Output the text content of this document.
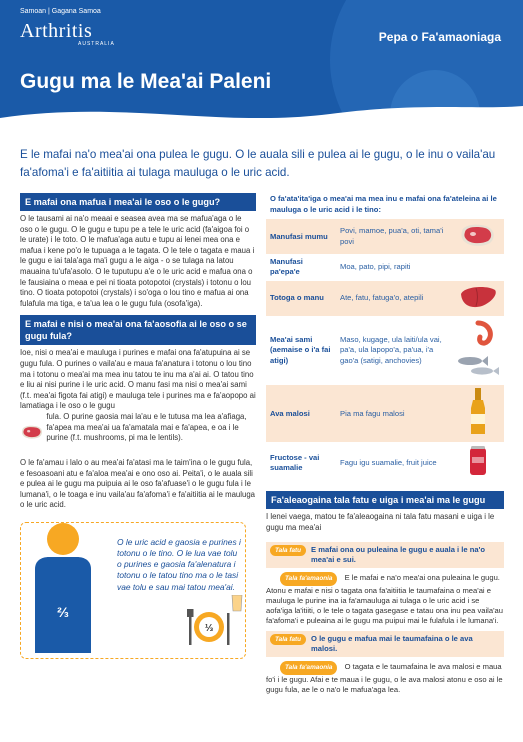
Samoan | Gagana Samoa
Arthritis
AUSTRALIA	Pepa o Fa'amaoniaga
Gugu ma le Mea'ai Paleni
E le mafai na'o mea'ai ona pulea le gugu. O le auala sili e pulea ai le gugu, o le inu o vaila'au fa'afoma'i e fa'aitiitia ai tulaga mauluga o le uric acid.
E mafai ona mafua i mea'ai le oso o le gugu?
O le tausami ai na'o meaai e seasea avea ma se mafua'aga o le oso o le gugu. O le gugu e tupu pe a tele le uric acid (fa'aigoa foi o le urate) i le toto. O le mafua'aga autu e tupu ai lenei mea ona e mafua i kene po'o le tupuaga a le tagata. O le tele o tagata e maua i le gugu e iai tala'aga ma'i gugu a le aiga - o se tulaga na latou mauaina tu'ufa'asolo. O le tuputupu a'e o le uric acid e mafua ona o le fausiaina o meaa e pei ni tioata potopotoi (crystals) i totonu o lou tino. O tioata potopotoi (crystals) i so'oga o lou tino e mafua ai ona fulafula ma tiga, e ta'ua lea o le gugu fula (osofa'iga).
E mafai e nisi o mea'ai ona fa'aosofia ai le oso o se gugu fula?
Ioe, nisi o mea'ai e mauluga i purines e mafai ona fa'atupuina ai se gugu fula. O purines o vaila'au e maua fa'anatura i totonu o lou tino ma i totonu o mea'ai ma mea inu tatou te inu ma a'ai ai. O tatou tino e liu ai nisi purine i le uric acid. O manu fasi ma nisi o mea'ai sami (f.t. mea'ai figota fai atigi) e mauluga tele i purines ma e fa'aopopo ai lamatiaga i le oso o le gugu
fula. O purine gaosia mai la'au e le tutusa ma lea a'afiaga, fa'apea ma mea'ai ua fa'amatala mai e fa'apea, e oa i le purine (f.t. mushrooms, pi ma le lentils).
O le fa'amau i lalo o au mea'ai fa'atasi ma le taim'ina o le gugu fula, e fesoasoani atu e fa'aloa mea'ai e ono oso ai. Peita'i, o le auala sili e pulea ai le gugu ma puipuia ai le oso fa'afuase'i o le gugu fula i le lumana'i, o le toaga e inu vaila'au fa'afoma'i e fa'aitiitia ai le mauluga o le uric acid.
⅔
⅓
O le uric acid e gaosia e purines i totonu o le tino. O le lua vae tolu o purines e gaosia fa'alenatura i totonu o le tatou tino ma o le tasi vae tolu e sau mai tatou mea'ai.
O fa'ata'ita'iga o mea'ai ma mea inu e mafai ona fa'ateleina ai le mauluga o le uric acid i le tino:
Manufasi mumu	Povi, mamoe, pua'a, oti, tama'i povi	
Manufasi pa'epa'e	Moa, pato, pipi, rapiti	
Totoga o manu	Ate, fatu, fatuga'o, atepili	
Mea'ai sami (aemaise o i'a fai atigi)	Maso, kugage, ula laiti/ula vai, pa'a, ula lapopo'a, pa'ua, i'a gao'a (satigi, anchovies)	
Ava malosi	Pia ma fagu malosi	
Fructose - vai suamalie	Fagu igu suamalie, fruit juice	
Fa'aleaogaina tala fatu e uiga i mea'ai ma le gugu
I lenei vaega, matou te fa'aleaogaina ni tala fatu masani e uiga i le gugu ma mea'ai
Tala fatu	E mafai ona ou puleaina le gugu e auala i le na'o mea'ai e sui.
Tala fa'amaonia E le mafai e na'o mea'ai ona puleaina le gugu. Atonu e mafai e nisi o tagata ona fa'aitiitia le taumafaina o mea'ai e mauluga le purine ina ia fa'amauluga ai tulaga o le uric acid i se aofa'iga la'itiiti, o le tele o tagata gasegase e tatau ona inu pea vaila'au fa'afoma'i e puleaina ai le gugu ma puipui mai le fulafula i le lumana'i.
Tala fatu	O le gugu e mafua mai le taumafaina o le ava malosi.
Tala fa'amaonia O tagata e le taumafaina le ava malosi e maua fo'i i le gugu. Afai e te maua i le gugu, o le ava malosi atonu e oso ai le gugu fula, ae le o na'o le mafua'aga lea.
